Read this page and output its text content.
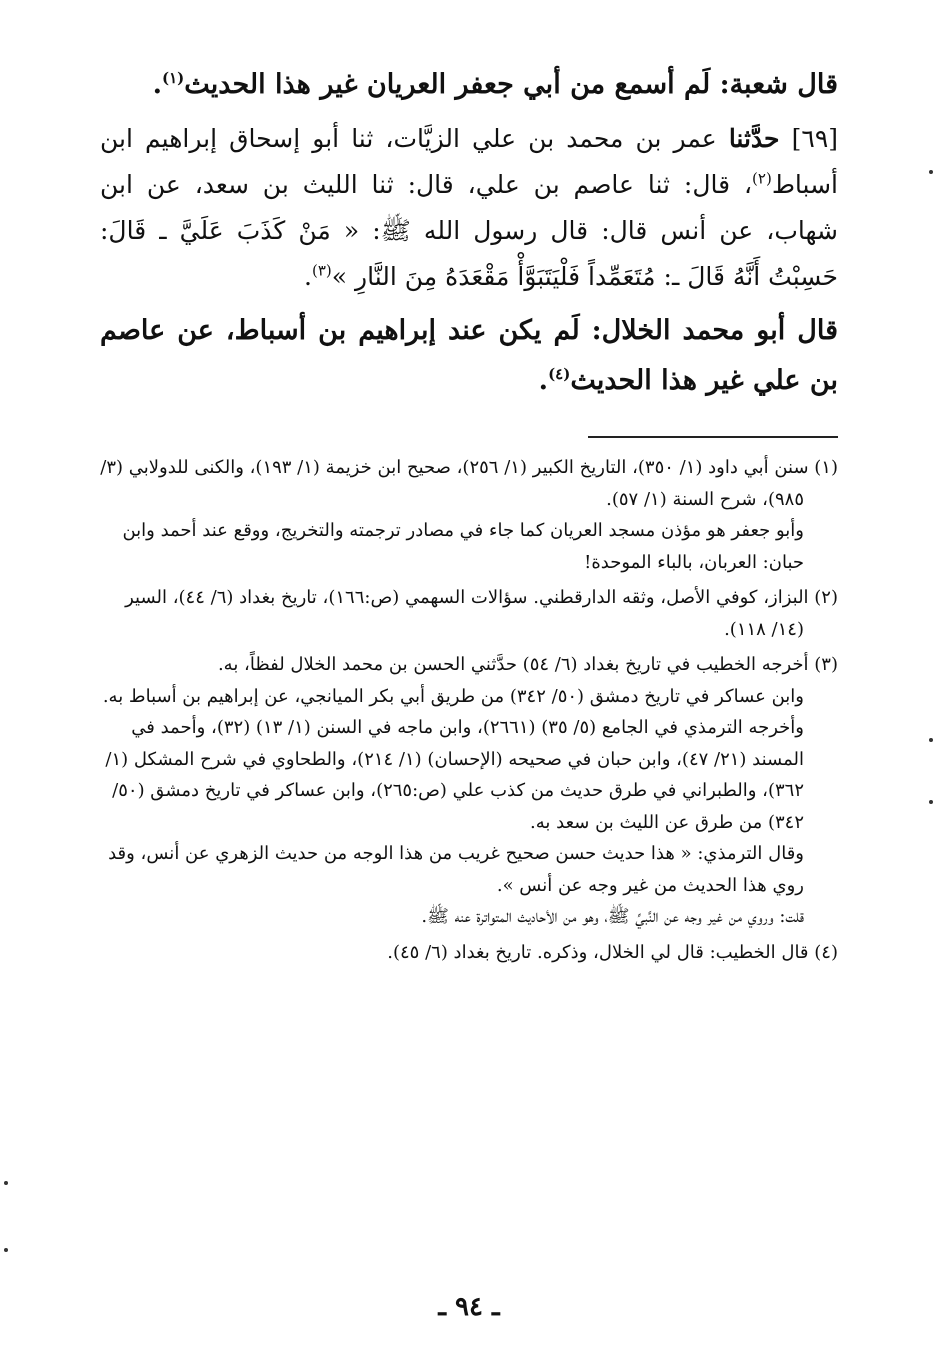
قال شعبة: لَم أسمع من أبي جعفر العريان غير هذا الحديث$^{(١)}$.

[٦٩] حدَّثنا عمر بن محمد بن علي الزيَّات، ثنا أبو إسحاق إبراهيم ابن أسباط$^{(٢)}$، قال: ثنا عاصم بن علي، قال: ثنا الليث بن سعد، عن ابن شهاب، عن أنس قال: قال رسول الله ﷺ: « مَنْ كَذَبَ عَلَيَّ ـ قَالَ: حَسِبْتُ أَنَّهُ قَالَ ـ: مُتَعَمِّداً فَلْيَتَبَوَّأْ مَقْعَدَهُ مِنَ النَّارِ »$^{(٣)}$.

قال أبو محمد الخلال: لَم يكن عند إبراهيم بن أسباط، عن عاصم بن علي غير هذا الحديث$^{(٤)}$.

(١) سنن أبي داود (١/ ٣٥٠)، التاريخ الكبير (١/ ٢٥٦)، صحيح ابن خزيمة (١/ ١٩٣)، والكنى للدولابي (٣/ ٩٨٥)، شرح السنة (١/ ٥٧).

وأبو جعفر هو مؤذن مسجد العريان كما جاء في مصادر ترجمته والتخريج، ووقع عند أحمد وابن حبان: العربان، بالباء الموحدة!

(٢) البزاز، كوفي الأصل، وثقه الدارقطني. سؤالات السهمي (ص:١٦٦)، تاريخ بغداد (٦/ ٤٤)، السير (١٤/ ١١٨).

(٣) أخرجه الخطيب في تاريخ بغداد (٦/ ٥٤) حدَّثني الحسن بن محمد الخلال لفظاً، به.

وابن عساكر في تاريخ دمشق (٥٠/ ٣٤٢) من طريق أبي بكر الميانجي، عن إبراهيم بن أسباط به.

وأخرجه الترمذي في الجامع (٥/ ٣٥) (٢٦٦١)، وابن ماجه في السنن (١/ ١٣) (٣٢)، وأحمد في المسند (٢١/ ٤٧)، وابن حبان في صحيحه (الإحسان) (١/ ٢١٤)، والطحاوي في شرح المشكل (١/ ٣٦٢)، والطبراني في طرق حديث من كذب علي (ص:٢٦٥)، وابن عساكر في تاريخ دمشق (٥٠/ ٣٤٢) من طرق عن الليث بن سعد به.

وقال الترمذي: « هذا حديث حسن صحيح غريب من هذا الوجه من حديث الزهري عن أنس، وقد روي هذا الحديث من غير وجه عن أنس ».

قلت: وروي من غير وجه عن النَّبيِّ ﷺ، وهو من الأحاديث المتواترة عنه ﷺ.

(٤) قال الخطيب: قال لي الخلال، وذكره. تاريخ بغداد (٦/ ٤٥).

ـ ٩٤ ـ
